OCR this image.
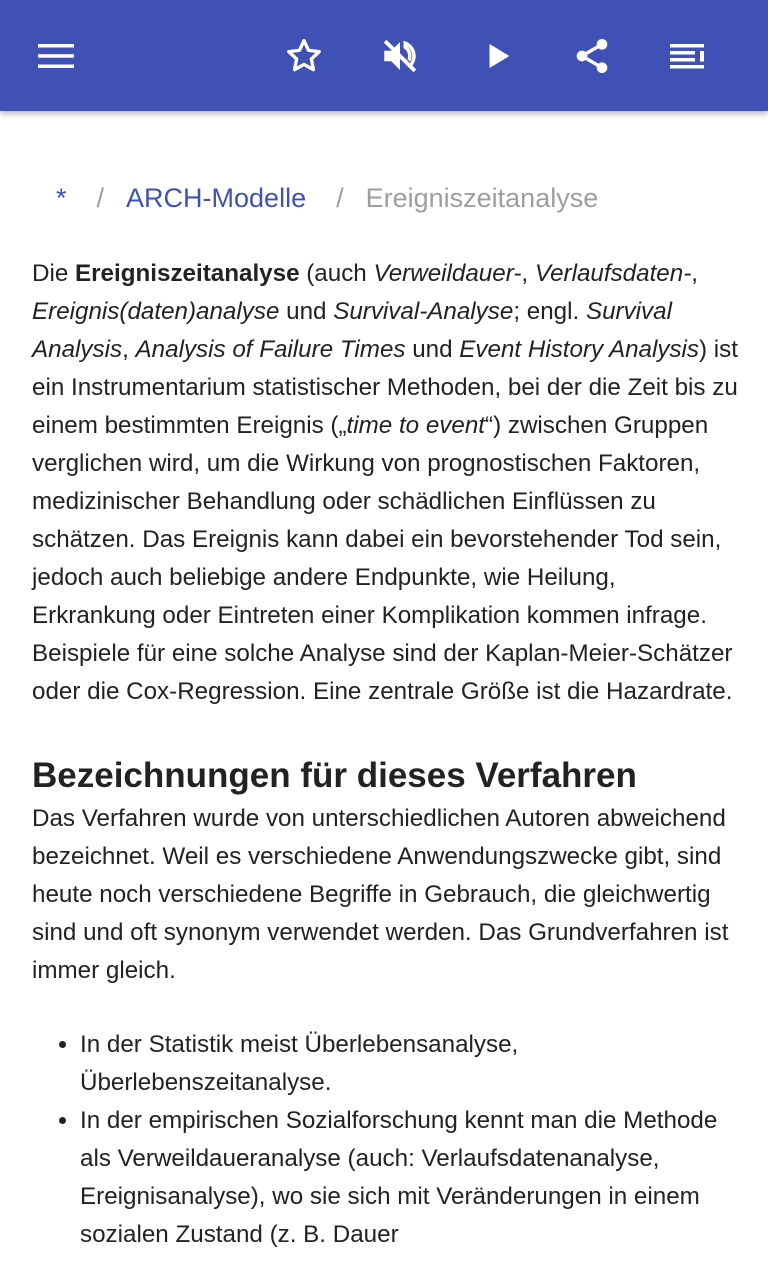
* / ARCH-Modelle / Ereigniszeitanalyse

Die Ereigniszeitanalyse (auch Verweildauer-, Verlaufsdaten-, Ereignis(daten)analyse und Survival-Analyse; engl. Survival Analysis, Analysis of Failure Times und Event History Analysis) ist ein Instrumentarium statistischer Methoden, bei der die Zeit bis zu einem bestimmten Ereignis („time to event“) zwischen Gruppen verglichen wird, um die Wirkung von prognostischen Faktoren, medizinischer Behandlung oder schädlichen Einflüssen zu schätzen. Das Ereignis kann dabei ein bevorstehender Tod sein, jedoch auch beliebige andere Endpunkte, wie Heilung, Erkrankung oder Eintreten einer Komplikation kommen infrage. Beispiele für eine solche Analyse sind der Kaplan-Meier-Schätzer oder die Cox-Regression. Eine zentrale Größe ist die Hazardrate.

Bezeichnungen für dieses Verfahren

Das Verfahren wurde von unterschiedlichen Autoren abweichend bezeichnet. Weil es verschiedene Anwendungszwecke gibt, sind heute noch verschiedene Begriffe in Gebrauch, die gleichwertig sind und oft synonym verwendet werden. Das Grundverfahren ist immer gleich.

• In der Statistik meist Überlebensanalyse, Überlebenszeitanalyse.
• In der empirischen Sozialforschung kennt man die Methode als Verweildaueranalyse (auch: Verlaufsdatenanalyse, Ereignisanalyse), wo sie sich mit Veränderungen in einem sozialen Zustand (z. B. Dauer
